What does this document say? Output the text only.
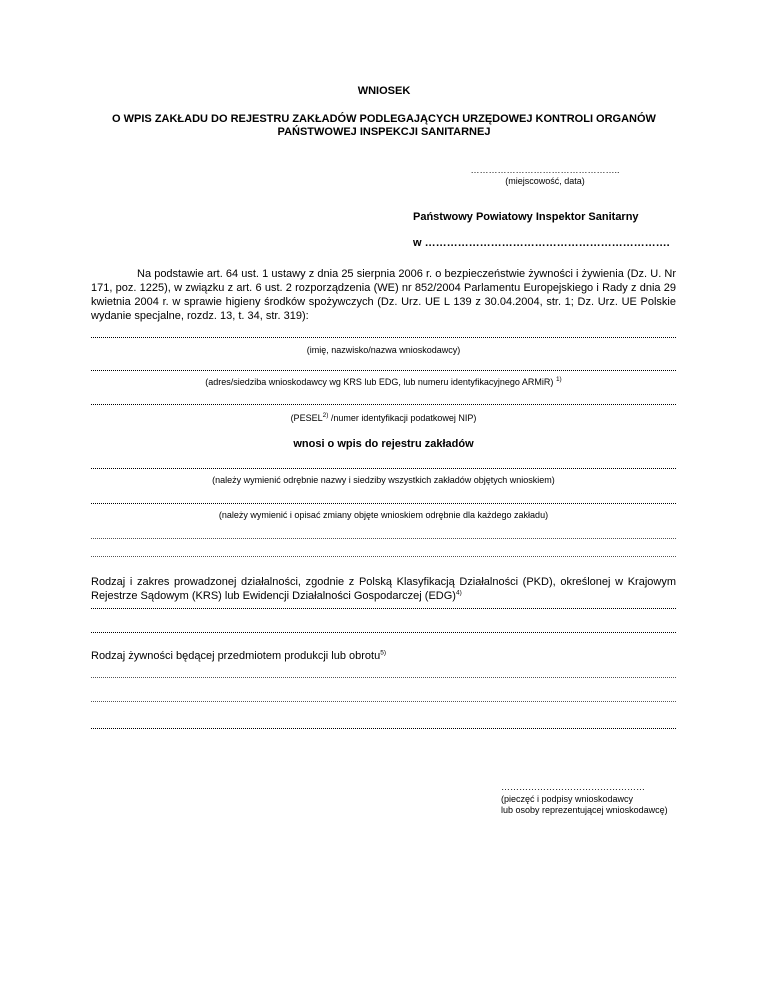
WNIOSEK
O WPIS ZAKŁADU DO REJESTRU ZAKŁADÓW PODLEGAJĄCYCH URZĘDOWEJ KONTROLI ORGANÓW
PAŃSTWOWEJ INSPEKCJI SANITARNEJ
…………………………………………..
(miejscowość, data)
Państwowy Powiatowy Inspektor Sanitarny
w ………………………………………………………….
Na podstawie art. 64 ust. 1 ustawy z dnia 25 sierpnia 2006 r. o bezpieczeństwie żywności i żywienia (Dz. U. Nr 171, poz. 1225), w związku z art. 6 ust. 2 rozporządzenia (WE) nr 852/2004 Parlamentu Europejskiego i Rady z dnia 29 kwietnia 2004 r. w sprawie higieny środków spożywczych (Dz. Urz. UE L 139 z 30.04.2004, str. 1; Dz. Urz. UE Polskie wydanie specjalne, rozdz. 13, t. 34, str. 319):
(imię, nazwisko/nazwa wnioskodawcy)
(adres/siedziba wnioskodawcy wg KRS lub EDG, lub numeru identyfikacyjnego ARMiR) $^{1)}$
(PESEL$^{2)}$ /numer identyfikacji podatkowej NIP)
wnosi o wpis do rejestru zakładów
(należy wymienić odrębnie nazwy i siedziby wszystkich zakładów objętych wnioskiem)
(należy wymienić i opisać zmiany objęte wnioskiem odrębnie dla każdego zakładu)
Rodzaj i zakres prowadzonej działalności, zgodnie z Polską Klasyfikacją Działalności (PKD), określonej w Krajowym Rejestrze Sądowym (KRS) lub Ewidencji Działalności Gospodarczej (EDG)$^{4)}$
Rodzaj żywności będącej przedmiotem produkcji lub obrotu$^{5)}$
…………………………………………
(pieczęć i podpisy wnioskodawcy
lub osoby reprezentującej wnioskodawcę)
